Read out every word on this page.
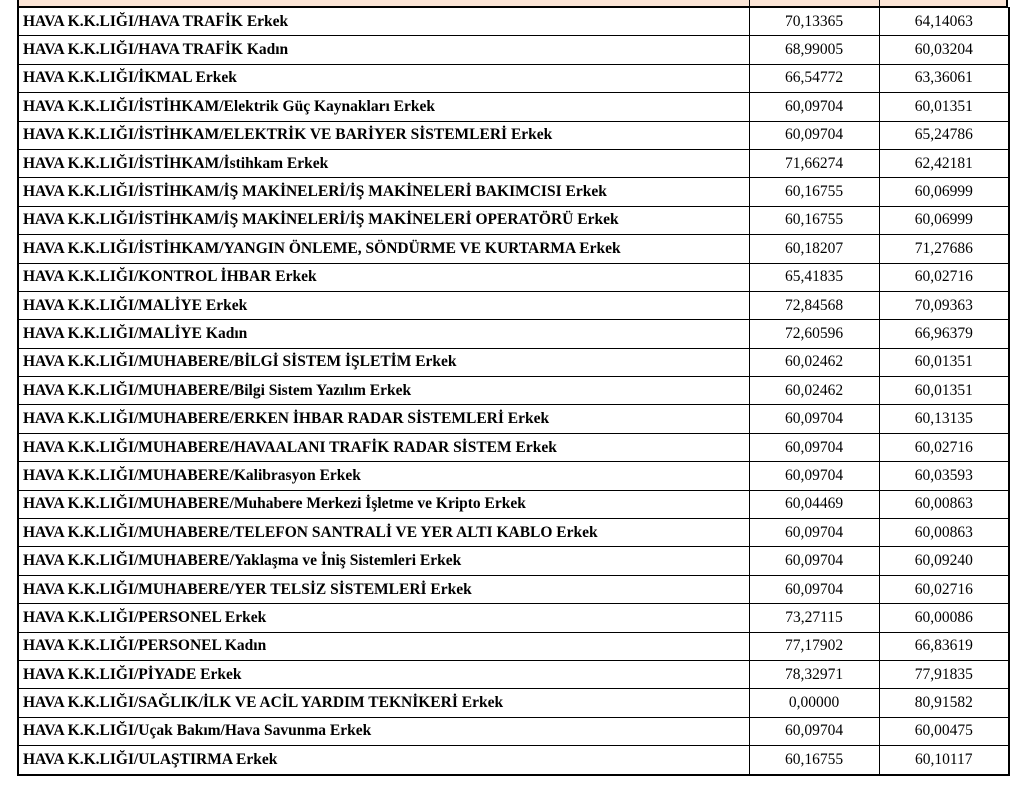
HAVA K.K.LIĞI/HAVA TRAFİK Erkek	70,13365	64,14063
HAVA K.K.LIĞI/HAVA TRAFİK Kadın	68,99005	60,03204
HAVA K.K.LIĞI/İKMAL Erkek	66,54772	63,36061
HAVA K.K.LIĞI/İSTİHKAM/Elektrik Güç Kaynakları Erkek	60,09704	60,01351
HAVA K.K.LIĞI/İSTİHKAM/ELEKTRİK VE BARİYER SİSTEMLERİ Erkek	60,09704	65,24786
HAVA K.K.LIĞI/İSTİHKAM/İstihkam Erkek	71,66274	62,42181
HAVA K.K.LIĞI/İSTİHKAM/İŞ MAKİNELERİ/İŞ MAKİNELERİ BAKIMCISI Erkek	60,16755	60,06999
HAVA K.K.LIĞI/İSTİHKAM/İŞ MAKİNELERİ/İŞ MAKİNELERİ OPERATÖRÜ Erkek	60,16755	60,06999
HAVA K.K.LIĞI/İSTİHKAM/YANGIN ÖNLEME, SÖNDÜRME VE KURTARMA Erkek	60,18207	71,27686
HAVA K.K.LIĞI/KONTROL İHBAR Erkek	65,41835	60,02716
HAVA K.K.LIĞI/MALİYE Erkek	72,84568	70,09363
HAVA K.K.LIĞI/MALİYE Kadın	72,60596	66,96379
HAVA K.K.LIĞI/MUHABERE/BİLGİ SİSTEM İŞLETİM Erkek	60,02462	60,01351
HAVA K.K.LIĞI/MUHABERE/Bilgi Sistem Yazılım Erkek	60,02462	60,01351
HAVA K.K.LIĞI/MUHABERE/ERKEN İHBAR RADAR SİSTEMLERİ Erkek	60,09704	60,13135
HAVA K.K.LIĞI/MUHABERE/HAVAALANI TRAFİK RADAR SİSTEM Erkek	60,09704	60,02716
HAVA K.K.LIĞI/MUHABERE/Kalibrasyon Erkek	60,09704	60,03593
HAVA K.K.LIĞI/MUHABERE/Muhabere Merkezi İşletme ve Kripto Erkek	60,04469	60,00863
HAVA K.K.LIĞI/MUHABERE/TELEFON SANTRALİ VE YER ALTI KABLO Erkek	60,09704	60,00863
HAVA K.K.LIĞI/MUHABERE/Yaklaşma ve İniş Sistemleri Erkek	60,09704	60,09240
HAVA K.K.LIĞI/MUHABERE/YER TELSİZ SİSTEMLERİ Erkek	60,09704	60,02716
HAVA K.K.LIĞI/PERSONEL Erkek	73,27115	60,00086
HAVA K.K.LIĞI/PERSONEL Kadın	77,17902	66,83619
HAVA K.K.LIĞI/PİYADE Erkek	78,32971	77,91835
HAVA K.K.LIĞI/SAĞLIK/İLK VE ACİL YARDIM TEKNİKERİ Erkek	0,00000	80,91582
HAVA K.K.LIĞI/Uçak Bakım/Hava Savunma Erkek	60,09704	60,00475
HAVA K.K.LIĞI/ULAŞTIRMA Erkek	60,16755	60,10117
